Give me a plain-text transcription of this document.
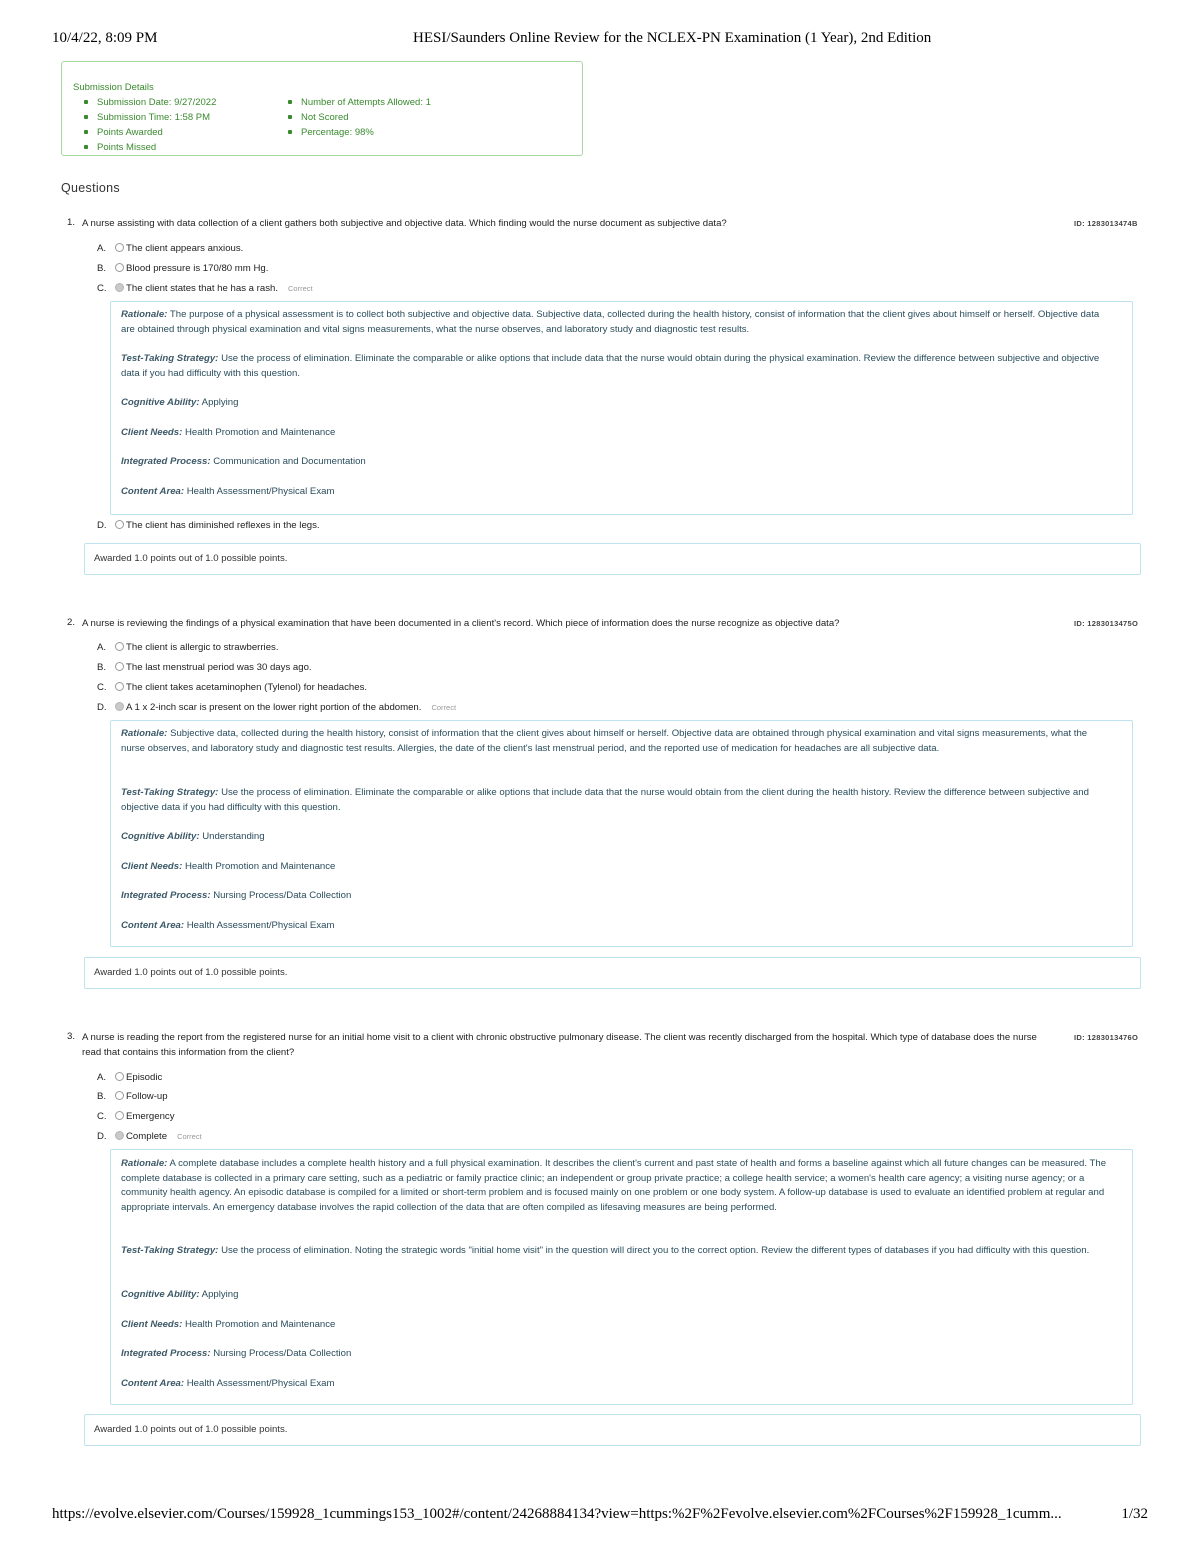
10/4/22, 8:09 PM	HESI/Saunders Online Review for the NCLEX-PN Examination (1 Year), 2nd Edition
Submission Details
Submission Date: 9/27/2022
Submission Time: 1:58 PM
Points Awarded
Points Missed
Number of Attempts Allowed: 1
Not Scored
Percentage: 98%
Questions
1. A nurse assisting with data collection of a client gathers both subjective and objective data. Which finding would the nurse document as subjective data?	ID: 1283013474B
A. The client appears anxious.
B. Blood pressure is 170/80 mm Hg.
C. The client states that he has a rash. Correct

Rationale: The purpose of a physical assessment is to collect both subjective and objective data. Subjective data, collected during the health history, consist of information that the client gives about himself or herself. Objective data are obtained through physical examination and vital signs measurements, what the nurse observes, and laboratory study and diagnostic test results.

Test-Taking Strategy: Use the process of elimination. Eliminate the comparable or alike options that include data that the nurse would obtain during the physical examination. Review the difference between subjective and objective data if you had difficulty with this question.

Cognitive Ability: Applying

Client Needs: Health Promotion and Maintenance

Integrated Process: Communication and Documentation

Content Area: Health Assessment/Physical Exam

D. The client has diminished reflexes in the legs.
Awarded 1.0 points out of 1.0 possible points.
2. A nurse is reviewing the findings of a physical examination that have been documented in a client's record. Which piece of information does the nurse recognize as objective data?	ID: 1283013475O
A. The client is allergic to strawberries.
B. The last menstrual period was 30 days ago.
C. The client takes acetaminophen (Tylenol) for headaches.
D. A 1 x 2-inch scar is present on the lower right portion of the abdomen. Correct

Rationale: Subjective data, collected during the health history, consist of information that the client gives about himself or herself. Objective data are obtained through physical examination and vital signs measurements, what the nurse observes, and laboratory study and diagnostic test results. Allergies, the date of the client's last menstrual period, and the reported use of medication for headaches are all subjective data.

Test-Taking Strategy: Use the process of elimination. Eliminate the comparable or alike options that include data that the nurse would obtain from the client during the health history. Review the difference between subjective and objective data if you had difficulty with this question.

Cognitive Ability: Understanding

Client Needs: Health Promotion and Maintenance

Integrated Process: Nursing Process/Data Collection

Content Area: Health Assessment/Physical Exam

Awarded 1.0 points out of 1.0 possible points.
3. A nurse is reading the report from the registered nurse for an initial home visit to a client with chronic obstructive pulmonary disease. The client was recently discharged from the hospital. Which type of database does the nurse read that contains this information from the client?
ID: 1283013476O
A. Episodic
B. Follow-up
C. Emergency
D. Complete Correct

Rationale: A complete database includes a complete health history and a full physical examination. It describes the client's current and past state of health and forms a baseline against which all future changes can be measured. The complete database is collected in a primary care setting, such as a pediatric or family practice clinic; an independent or group private practice; a college health service; a women's health care agency; a visiting nurse agency; or a community health agency. An episodic database is compiled for a limited or short-term problem and is focused mainly on one problem or one body system. A follow-up database is used to evaluate an identified problem at regular and appropriate intervals. An emergency database involves the rapid collection of the data that are often compiled as lifesaving measures are being performed.

Test-Taking Strategy: Use the process of elimination. Noting the strategic words "initial home visit" in the question will direct you to the correct option. Review the different types of databases if you had difficulty with this question.

Cognitive Ability: Applying

Client Needs: Health Promotion and Maintenance

Integrated Process: Nursing Process/Data Collection

Content Area: Health Assessment/Physical Exam

Awarded 1.0 points out of 1.0 possible points.
https://evolve.elsevier.com/Courses/159928_1cummings153_1002#/content/24268884134?view=https:%2F%2Fevolve.elsevier.com%2FCourses%2F159928_1cumm...	1/32
